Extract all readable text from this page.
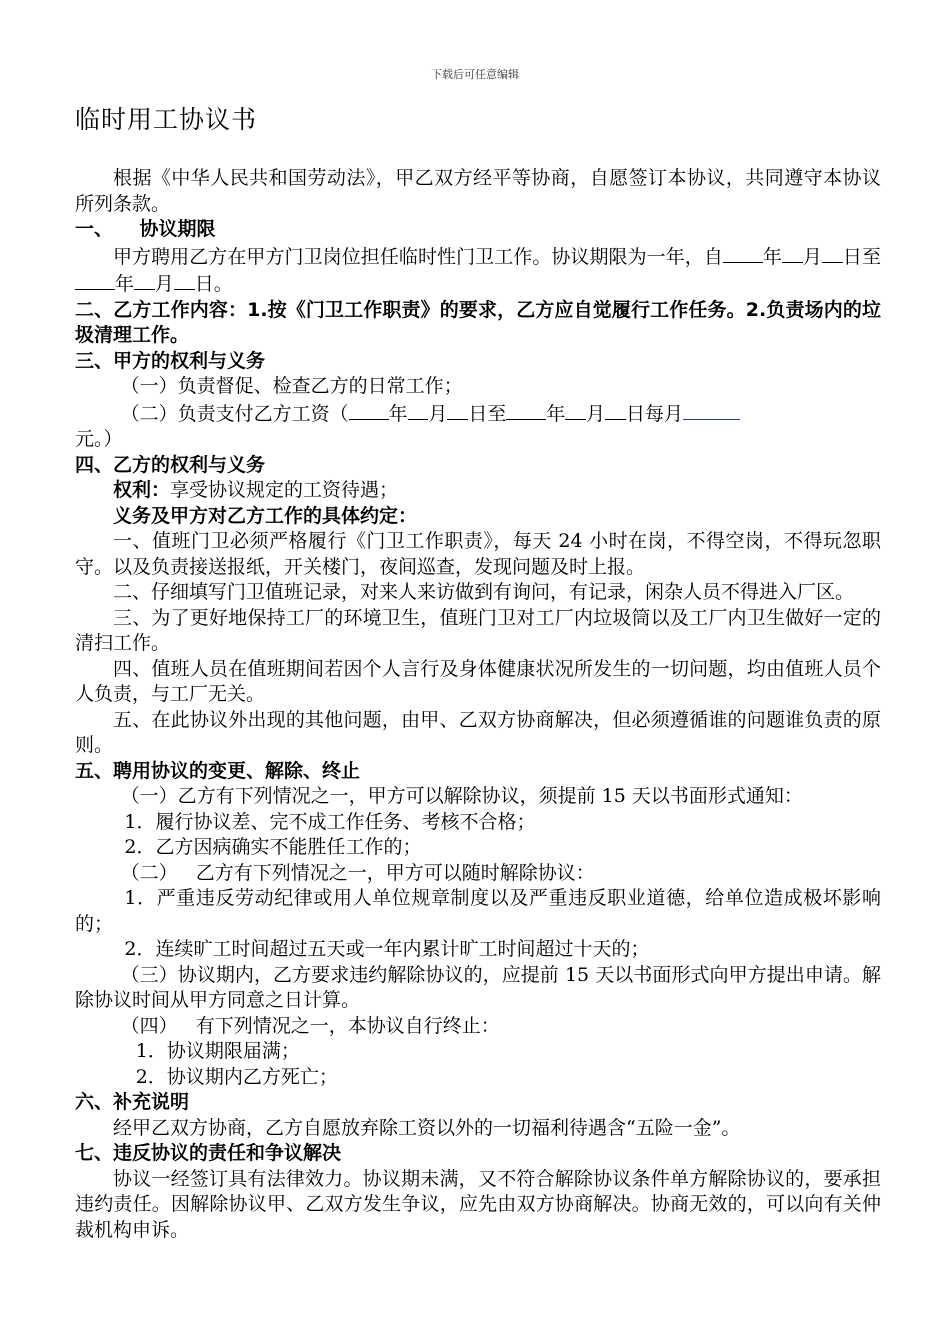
下载后可任意编辑
临时用工协议书

根据《中华人民共和国劳动法》，甲乙双方经平等协商，自愿签订本协议，共同遵守本协议所列条款。

一、    协议期限

甲方聘用乙方在甲方门卫岗位担任临时性门卫工作。协议期限为一年，自 年 月 日至年 月 日。

二、乙方工作内容：1.按《门卫工作职责》的要求，乙方应自觉履行工作任务。2.负责场内的垃圾清理工作。

三、甲方的权利与义务

（一）负责督促、检查乙方的日常工作；

（二）负责支付乙方工资（ 年 月 日至 年 月 日每月

元。）

四、乙方的权利与义务

权利：享受协议规定的工资待遇；

义务及甲方对乙方工作的具体约定：

一、值班门卫必须严格履行《门卫工作职责》，每天 24 小时在岗，不得空岗，不得玩忽职守。以及负责接送报纸，开关楼门，夜间巡查，发现问题及时上报。

二、仔细填写门卫值班记录，对来人来访做到有询问，有记录，闲杂人员不得进入厂区。

三、为了更好地保持工厂的环境卫生，值班门卫对工厂内垃圾筒以及工厂内卫生做好一定的清扫工作。

四、值班人员在值班期间若因个人言行及身体健康状况所发生的一切问题，均由值班人员个人负责，与工厂无关。

五、在此协议外出现的其他问题，由甲、乙双方协商解决，但必须遵循谁的问题谁负责的原则。

五、聘用协议的变更、解除、终止

（一）乙方有下列情况之一，甲方可以解除协议，须提前 15 天以书面形式通知：

1．履行协议差、完不成工作任务、考核不合格；

2．乙方因病确实不能胜任工作的；

（二）   乙方有下列情况之一，甲方可以随时解除协议：

1．严重违反劳动纪律或用人单位规章制度以及严重违反职业道德，给单位造成极坏影响的；

2．连续旷工时间超过五天或一年内累计旷工时间超过十天的；

（三）协议期内，乙方要求违约解除协议的，应提前 15 天以书面形式向甲方提出申请。解除协议时间从甲方同意之日计算。

（四）   有下列情况之一，本协议自行终止：

1．协议期限届满；

2．协议期内乙方死亡；

六、补充说明

经甲乙双方协商，乙方自愿放弃除工资以外的一切福利待遇含“五险一金”。

七、违反协议的责任和争议解决

协议一经签订具有法律效力。协议期未满，又不符合解除协议条件单方解除协议的，要承担违约责任。因解除协议甲、乙双方发生争议，应先由双方协商解决。协商无效的，可以向有关仲裁机构申诉。
